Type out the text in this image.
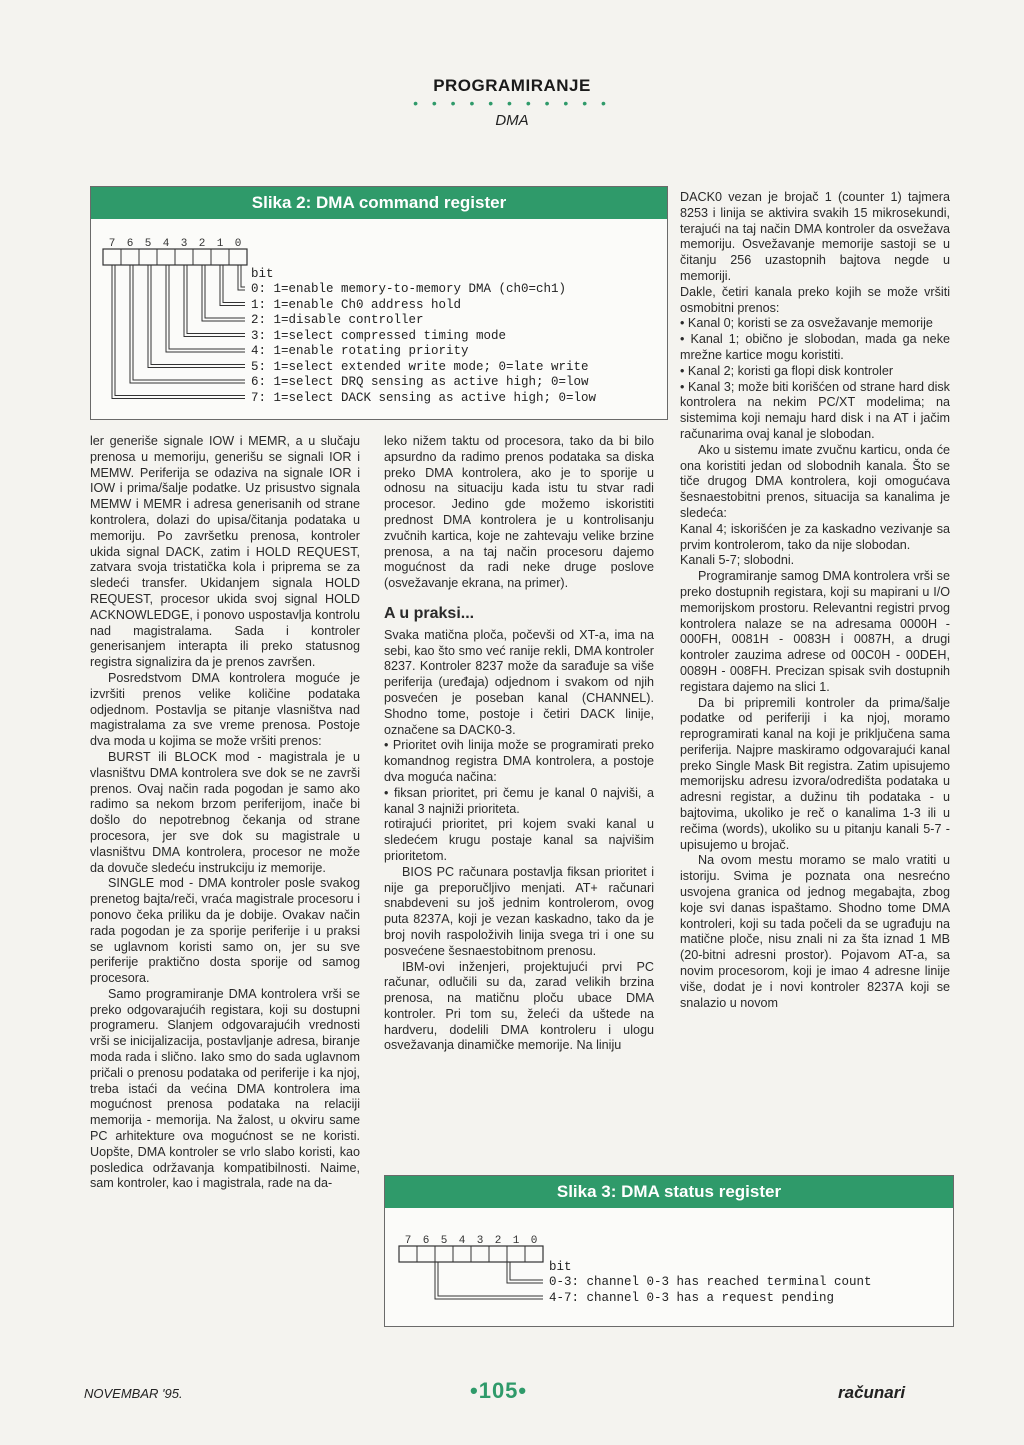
PROGRAMIRANJE
• • • • • • • • • • •
DMA
Slika 2: DMA command register
7 6 5 4 3 2 1 0
bit
0: 1=enable memory-to-memory DMA (ch0=ch1)
1: 1=enable Ch0 address hold
2: 1=disable controller
3: 1=select compressed timing mode
4: 1=enable rotating priority
5: 1=select extended write mode; 0=late write
6: 1=select DRQ sensing as active high; 0=low
7: 1=select DACK sensing as active high; 0=low

ler generiše signale IOW i MEMR, a u slučaju prenosa u memoriju, generišu se signali IOR i MEMW. Periferija se odaziva na signale IOR i IOW i prima/šalje podatke. Uz prisustvo signala MEMW i MEMR i adresa generisanih od strane kontrolera, dolazi do upisa/čitanja podataka u memoriju. Po završetku prenosa, kontroler ukida signal DACK, zatim i HOLD REQUEST, zatvara svoja tristatička kola i priprema se za sledeći transfer. Ukidanjem signala HOLD REQUEST, procesor ukida svoj signal HOLD ACKNOWLEDGE, i ponovo uspostavlja kontrolu nad magistralama. Sada i kontroler generisanjem interapta ili preko statusnog registra signalizira da je prenos završen.

Posredstvom DMA kontrolera moguće je izvršiti prenos velike količine podataka odjednom. Postavlja se pitanje vlasništva nad magistralama za sve vreme prenosa. Postoje dva moda u kojima se može vršiti prenos:

BURST ili BLOCK mod - magistrala je u vlasništvu DMA kontrolera sve dok se ne završi prenos. Ovaj način rada pogodan je samo ako radimo sa nekom brzom periferijom, inače bi došlo do nepotrebnog čekanja od strane procesora, jer sve dok su magistrale u vlasništvu DMA kontrolera, procesor ne može da dovuče sledeću instrukciju iz memorije.

SINGLE mod - DMA kontroler posle svakog prenetog bajta/reči, vraća magistrale procesoru i ponovo čeka priliku da je dobije. Ovakav način rada pogodan je za sporije periferije i u praksi se uglavnom koristi samo on, jer su sve periferije praktično dosta sporije od samog procesora.

Samo programiranje DMA kontrolera vrši se preko odgovarajućih registara, koji su dostupni programeru. Slanjem odgovarajućih vrednosti vrši se inicijalizacija, postavljanje adresa, biranje moda rada i slično. Iako smo do sada uglavnom pričali o prenosu podataka od periferije i ka njoj, treba istaći da većina DMA kontrolera ima mogućnost prenosa podataka na relaciji memorija - memorija. Na žalost, u okviru same PC arhitekture ova mogućnost se ne koristi. Uopšte, DMA kontroler se vrlo slabo koristi, kao posledica održavanja kompatibilnosti. Naime, sam kontroler, kao i magistrala, rade na da-

leko nižem taktu od procesora, tako da bi bilo apsurdno da radimo prenos podataka sa diska preko DMA kontrolera, ako je to sporije u odnosu na situaciju kada istu tu stvar radi procesor. Jedino gde možemo iskoristiti prednost DMA kontrolera je u kontrolisanju zvučnih kartica, koje ne zahtevaju velike brzine prenosa, a na taj način procesoru dajemo mogućnost da radi neke druge poslove (osvežavanje ekrana, na primer).

A u praksi...

Svaka matična ploča, počevši od XT-a, ima na sebi, kao što smo već ranije rekli, DMA kontroler 8237. Kontroler 8237 može da sarađuje sa više periferija (uređaja) odjednom i svakom od njih posvećen je poseban kanal (CHANNEL). Shodno tome, postoje i četiri DACK linije, označene sa DACK0-3.

• Prioritet ovih linija može se programirati preko komandnog registra DMA kontrolera, a postoje dva moguća načina:

• fiksan prioritet, pri čemu je kanal 0 najviši, a kanal 3 najniži prioriteta.

rotirajući prioritet, pri kojem svaki kanal u sledećem krugu postaje kanal sa najvišim prioritetom.

BIOS PC računara postavlja fiksan prioritet i nije ga preporučljivo menjati. AT+ računari snabdeveni su još jednim kontrolerom, ovog puta 8237A, koji je vezan kaskadno, tako da je broj novih raspoloživih linija svega tri i one su posvećene šesnaestobitnom prenosu.

IBM-ovi inženjeri, projektujući prvi PC računar, odlučili su da, zarad velikih brzina prenosa, na matičnu ploču ubace DMA kontroler. Pri tom su, želeći da uštede na hardveru, dodelili DMA kontroleru i ulogu osvežavanja dinamičke memorije. Na liniju

DACK0 vezan je brojač 1 (counter 1) tajmera 8253 i linija se aktivira svakih 15 mikrosekundi, terajući na taj način DMA kontroler da osvežava memoriju. Osvežavanje memorije sastoji se u čitanju 256 uzastopnih bajtova negde u memoriji.

Dakle, četiri kanala preko kojih se može vršiti osmobitni prenos:

• Kanal 0; koristi se za osvežavanje memorije

• Kanal 1; obično je slobodan, mada ga neke mrežne kartice mogu koristiti.

• Kanal 2; koristi ga flopi disk kontroler

• Kanal 3; može biti korišćen od strane hard disk kontrolera na nekim PC/XT modelima; na sistemima koji nemaju hard disk i na AT i jačim računarima ovaj kanal je slobodan.

Ako u sistemu imate zvučnu karticu, onda će ona koristiti jedan od slobodnih kanala. Što se tiče drugog DMA kontrolera, koji omogućava šesnaestobitni prenos, situacija sa kanalima je sledeća:

Kanal 4; iskorišćen je za kaskadno vezivanje sa prvim kontrolerom, tako da nije slobodan.

Kanali 5-7; slobodni.

Programiranje samog DMA kontrolera vrši se preko dostupnih registara, koji su mapirani u I/O memorijskom prostoru. Relevantni registri prvog kontrolera nalaze se na adresama 0000H - 000FH, 0081H - 0083H i 0087H, a drugi kontroler zauzima adrese od 00C0H - 00DEH, 0089H - 008FH. Precizan spisak svih dostupnih registara dajemo na slici 1.

Da bi pripremili kontroler da prima/šalje podatke od periferiji i ka njoj, moramo reprogramirati kanal na koji je priključena sama periferija. Najpre maskiramo odgovarajući kanal preko Single Mask Bit registra. Zatim upisujemo memorijsku adresu izvora/odredišta podataka u adresni registar, a dužinu tih podataka - u bajtovima, ukoliko je reč o kanalima 1-3 ili u rečima (words), ukoliko su u pitanju kanali 5-7 - upisujemo u brojač.

Na ovom mestu moramo se malo vratiti u istoriju. Svima je poznata ona nesrećno usvojena granica od jednog megabajta, zbog koje svi danas ispaštamo. Shodno tome DMA kontroleri, koji su tada počeli da se ugrađuju na matične ploče, nisu znali ni za šta iznad 1 MB (20-bitni adresni prostor). Pojavom AT-a, sa novim procesorom, koji je imao 4 adresne linije više, dodat je i novi kontroler 8237A koji se snalazio u novom

Slika 3: DMA status register
7 6 5 4 3 2 1 0
bit
0-3: channel 0-3 has reached terminal count
4-7: channel 0-3 has a request pending
NOVEMBAR '95.	•105•	računari
